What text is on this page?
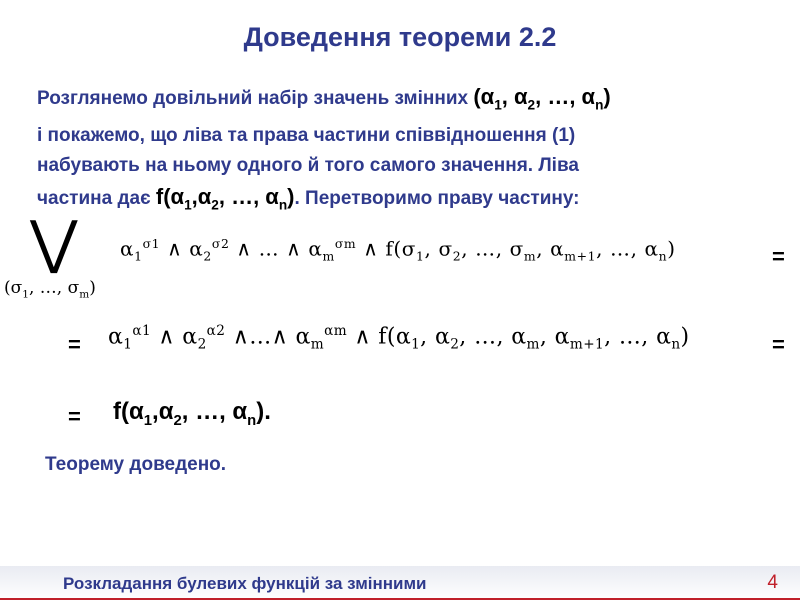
Доведення теореми 2.2
Розглянемо довільний набір значень змінних ($\alpha_1$, $\alpha_2$, …, $\alpha_n$)
і покажемо, що ліва та права частини співвідношення (1)
набувають на ньому одного й того самого значення. Ліва
частина дає $f(\alpha_1,\alpha_2$, …, $\alpha_n$). Перетворимо праву частину:
⋁
($\sigma_1$, …, $\sigma_m$)
$\alpha_1^{\sigma 1}$ ∧ $\alpha_2^{\sigma 2}$ ∧ … ∧ $\alpha_m^{\sigma m}$ ∧ $f(\sigma_1$, $\sigma_2$, …, $\sigma_m$, $\alpha_{m+1}$, …, $\alpha_n$)	=
= $\alpha_1^{\alpha 1}$ ∧ $\alpha_2^{\alpha 2}$ ∧…∧ $\alpha_m^{\alpha m}$ ∧ $f(\alpha_1$, $\alpha_2$, …, $\alpha_m$, $\alpha_{m+1}$, …, $\alpha_n$)	=
= $f(\alpha_1,\alpha_2$, …, $\alpha_n$).
Теорему доведено.
Розкладання булевих функцій за змінними	4
